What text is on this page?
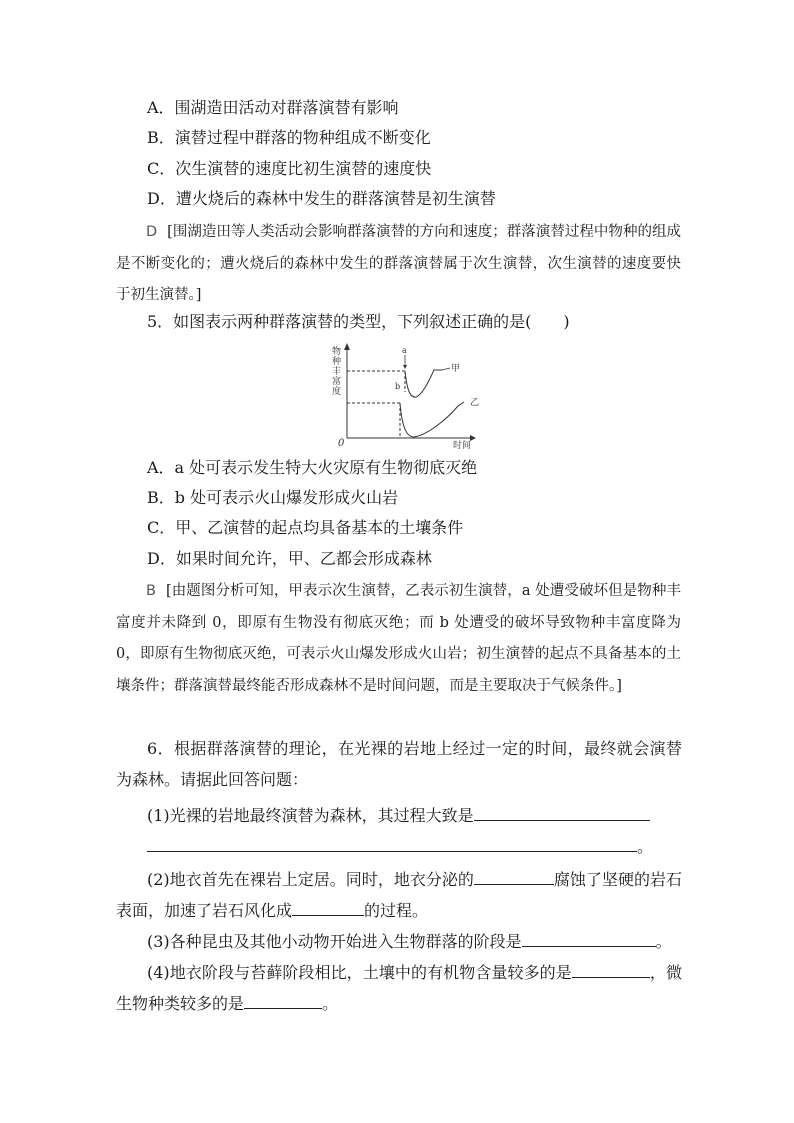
A．围湖造田活动对群落演替有影响
B．演替过程中群落的物种组成不断变化
C．次生演替的速度比初生演替的速度快
D．遭火烧后的森林中发生的群落演替是初生演替

D [围湖造田等人类活动会影响群落演替的方向和速度；群落演替过程中物种的组成是不断变化的；遭火烧后的森林中发生的群落演替属于次生演替，次生演替的速度要快于初生演替。]

5．如图表示两种群落演替的类型，下列叙述正确的是(　　)
物
种
丰
富
度
0	时间
a
b
甲
乙
A．a 处可表示发生特大火灾原有生物彻底灭绝
B．b 处可表示火山爆发形成火山岩
C．甲、乙演替的起点均具备基本的土壤条件
D．如果时间允许，甲、乙都会形成森林

B [由题图分析可知，甲表示次生演替，乙表示初生演替，a 处遭受破坏但是物种丰富度并未降到 0，即原有生物没有彻底灭绝；而 b 处遭受的破坏导致物种丰富度降为 0，即原有生物彻底灭绝，可表示火山爆发形成火山岩；初生演替的起点不具备基本的土壤条件；群落演替最终能否形成森林不是时间问题，而是主要取决于气候条件。]

6．根据群落演替的理论，在光裸的岩地上经过一定的时间，最终就会演替为森林。请据此回答问题：

(1)光裸的岩地最终演替为森林，其过程大致是

。

(2)地衣首先在裸岩上定居。同时，地衣分泌的	腐蚀了坚硬的岩石表面，加速了岩石风化成	的过程。

(3)各种昆虫及其他小动物开始进入生物群落的阶段是	。

(4)地衣阶段与苔藓阶段相比，土壤中的有机物含量较多的是	，微生物种类较多的是	。
